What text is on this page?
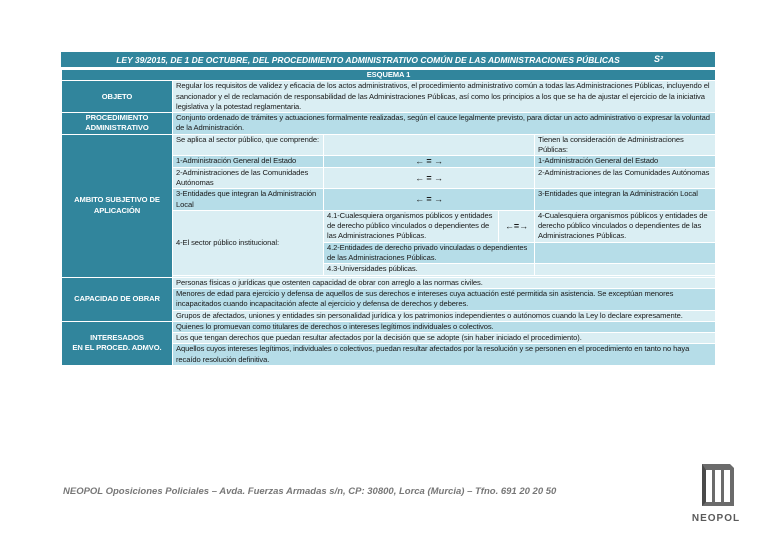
LEY 39/2015, DE 1 DE OCTUBRE, DEL PROCEDIMIENTO ADMINISTRATIVO COMÚN DE LAS ADMINISTRACIONES PÚBLICAS	S²
ESQUEMA 1				
OBJETO	Regular los requisitos de validez y eficacia de los actos administrativos, el procedimiento administrativo común a todas las Administraciones Públicas, incluyendo el sancionador y el de reclamación de responsabilidad de las Administraciones Públicas, así como los principios a los que se ha de ajustar el ejercicio de la iniciativa legislativa y la potestad reglamentaria.			
PROCEDIMIENTO ADMINISTRATIVO	Conjunto ordenado de trámites y actuaciones formalmente realizadas, según el cauce legalmente previsto, para dictar un acto administrativo o expresar la voluntad de la Administración.			
AMBITO SUBJETIVO DE APLICACIÓN	Se aplica al sector público, que comprende:			Tienen la consideración de Administraciones Públicas:
	1-Administración General del Estado	← = →		1-Administración General del Estado
	2-Administraciones de las Comunidades Autónomas	← = →		2-Administraciones de las Comunidades Autónomas
	3-Entidades que integran la Administración Local	← = →		3-Entidades que integran la Administración Local
	4-El sector público institucional:	4.1-Cualesquiera organismos públicos y entidades de derecho público vinculados o dependientes de las Administraciones Públicas.	←=→	4-Cualesquiera organismos públicos y entidades de derecho público vinculados o dependientes de las Administraciones Públicas.
		4.2-Entidades de derecho privado vinculadas o dependientes de las Administraciones Públicas.		
		4.3-Universidades públicas.		

CAPACIDAD DE OBRAR	Personas físicas o jurídicas que ostenten capacidad de obrar con arreglo a las normas civiles.			
	Menores de edad para ejercicio y defensa de aquellos de sus derechos e intereses cuya actuación esté permitida sin asistencia. Se exceptúan menores incapacitados cuando incapacitación afecte al ejercicio y defensa de derechos y deberes.			
	Grupos de afectados, uniones y entidades sin personalidad jurídica y los patrimonios independientes o autónomos cuando la Ley lo declare expresamente.			
INTERESADOS
EN EL PROCED. ADMVO.	Quienes lo promuevan como titulares de derechos o intereses legítimos individuales o colectivos.			
	Los que tengan derechos que puedan resultar afectados por la decisión que se adopte (sin haber iniciado el procedimiento).			
	Aquellos cuyos intereses legítimos, individuales o colectivos, puedan resultar afectados por la resolución y se personen en el procedimiento en tanto no haya recaído resolución definitiva.			
NEOPOL Oposiciones Policiales – Avda. Fuerzas Armadas s/n, CP: 30800, Lorca (Murcia) – Tfno. 691 20 20 50
NEOPOL
